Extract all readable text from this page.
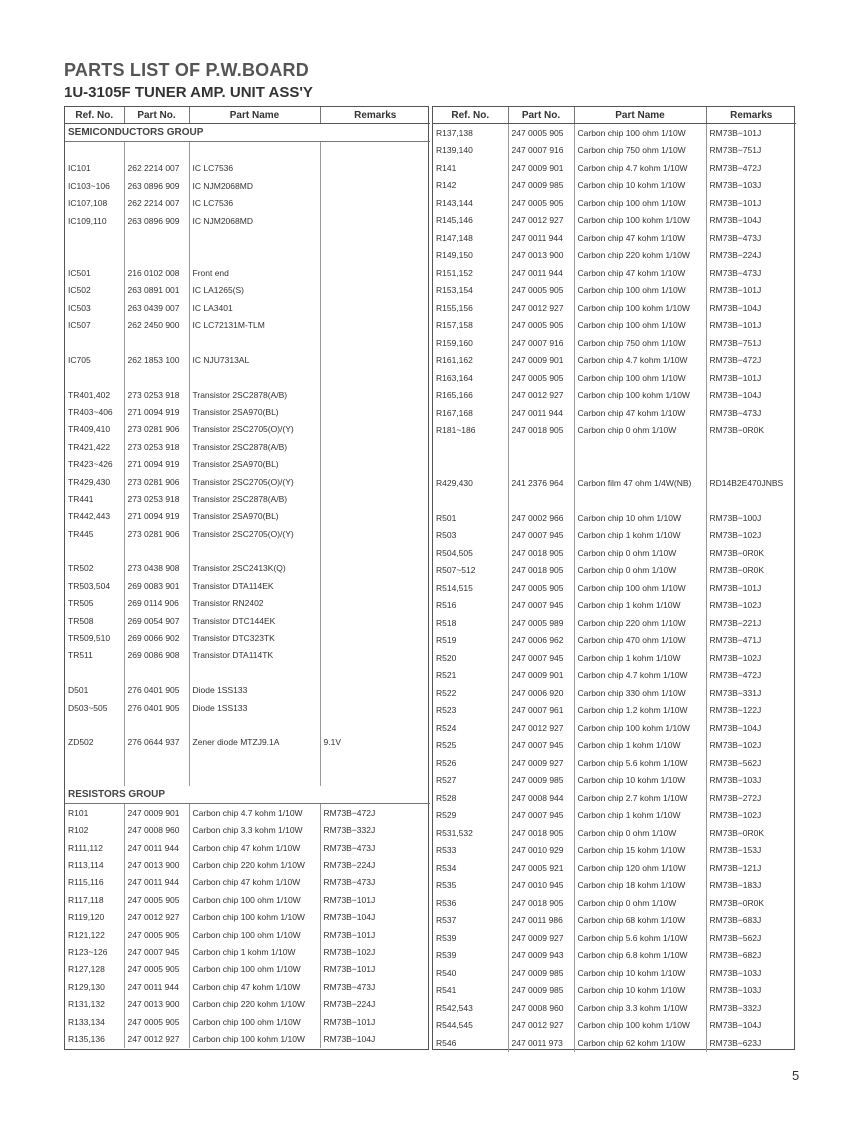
PARTS LIST OF P.W.BOARD
1U-3105F TUNER AMP. UNIT ASS'Y
Ref. No.	Part No.	Part Name	Remarks
SEMICONDUCTORS GROUP			

IC101	262 2214 007	IC LC7536	
IC103~106	263 0896 909	IC NJM2068MD	
IC107,108	262 2214 007	IC LC7536	
IC109,110	263 0896 909	IC NJM2068MD	

IC501	216 0102 008	Front end	
IC502	263 0891 001	IC LA1265(S)	
IC503	263 0439 007	IC LA3401	
IC507	262 2450 900	IC LC72131M-TLM	

IC705	262 1853 100	IC NJU7313AL	

TR401,402	273 0253 918	Transistor 2SC2878(A/B)	
TR403~406	271 0094 919	Transistor 2SA970(BL)	
TR409,410	273 0281 906	Transistor 2SC2705(O)/(Y)	
TR421,422	273 0253 918	Transistor 2SC2878(A/B)	
TR423~426	271 0094 919	Transistor 2SA970(BL)	
TR429,430	273 0281 906	Transistor 2SC2705(O)/(Y)	
TR441	273 0253 918	Transistor 2SC2878(A/B)	
TR442,443	271 0094 919	Transistor 2SA970(BL)	
TR445	273 0281 906	Transistor 2SC2705(O)/(Y)	

TR502	273 0438 908	Transistor 2SC2413K(Q)	
TR503,504	269 0083 901	Transistor DTA114EK	
TR505	269 0114 906	Transistor RN2402	
TR508	269 0054 907	Transistor DTC144EK	
TR509,510	269 0066 902	Transistor DTC323TK	
TR511	269 0086 908	Transistor DTA114TK	

D501	276 0401 905	Diode 1SS133	
D503~505	276 0401 905	Diode 1SS133	

ZD502	276 0644 937	Zener diode MTZJ9.1A	9.1V

RESISTORS GROUP			
R101	247 0009 901	Carbon chip 4.7 kohm 1/10W	RM73B−472J
R102	247 0008 960	Carbon chip 3.3 kohm 1/10W	RM73B−332J
R111,112	247 0011 944	Carbon chip 47 kohm 1/10W	RM73B−473J
R113,114	247 0013 900	Carbon chip 220 kohm 1/10W	RM73B−224J
R115,116	247 0011 944	Carbon chip 47 kohm 1/10W	RM73B−473J
R117,118	247 0005 905	Carbon chip 100 ohm 1/10W	RM73B−101J
R119,120	247 0012 927	Carbon chip 100 kohm 1/10W	RM73B−104J
R121,122	247 0005 905	Carbon chip 100 ohm 1/10W	RM73B−101J
R123~126	247 0007 945	Carbon chip 1 kohm 1/10W	RM73B−102J
R127,128	247 0005 905	Carbon chip 100 ohm 1/10W	RM73B−101J
R129,130	247 0011 944	Carbon chip 47 kohm 1/10W	RM73B−473J
R131,132	247 0013 900	Carbon chip 220 kohm 1/10W	RM73B−224J
R133,134	247 0005 905	Carbon chip 100 ohm 1/10W	RM73B−101J
R135,136	247 0012 927	Carbon chip 100 kohm 1/10W	RM73B−104J
Ref. No.	Part No.	Part Name	Remarks
R137,138	247 0005 905	Carbon chip 100 ohm 1/10W	RM73B−101J
R139,140	247 0007 916	Carbon chip 750 ohm 1/10W	RM73B−751J
R141	247 0009 901	Carbon chip 4.7 kohm 1/10W	RM73B−472J
R142	247 0009 985	Carbon chip 10 kohm 1/10W	RM73B−103J
R143,144	247 0005 905	Carbon chip 100 ohm 1/10W	RM73B−101J
R145,146	247 0012 927	Carbon chip 100 kohm 1/10W	RM73B−104J
R147,148	247 0011 944	Carbon chip 47 kohm 1/10W	RM73B−473J
R149,150	247 0013 900	Carbon chip 220 kohm 1/10W	RM73B−224J
R151,152	247 0011 944	Carbon chip 47 kohm 1/10W	RM73B−473J
R153,154	247 0005 905	Carbon chip 100 ohm 1/10W	RM73B−101J
R155,156	247 0012 927	Carbon chip 100 kohm 1/10W	RM73B−104J
R157,158	247 0005 905	Carbon chip 100 ohm 1/10W	RM73B−101J
R159,160	247 0007 916	Carbon chip 750 ohm 1/10W	RM73B−751J
R161,162	247 0009 901	Carbon chip 4.7 kohm 1/10W	RM73B−472J
R163,164	247 0005 905	Carbon chip 100 ohm 1/10W	RM73B−101J
R165,166	247 0012 927	Carbon chip 100 kohm 1/10W	RM73B−104J
R167,168	247 0011 944	Carbon chip 47 kohm 1/10W	RM73B−473J
R181~186	247 0018 905	Carbon chip 0 ohm 1/10W	RM73B−0R0K

R429,430	241 2376 964	Carbon film 47 ohm 1/4W(NB)	RD14B2E470JNBS

R501	247 0002 966	Carbon chip 10 ohm 1/10W	RM73B−100J
R503	247 0007 945	Carbon chip 1 kohm 1/10W	RM73B−102J
R504,505	247 0018 905	Carbon chip 0 ohm 1/10W	RM73B−0R0K
R507~512	247 0018 905	Carbon chip 0 ohm 1/10W	RM73B−0R0K
R514,515	247 0005 905	Carbon chip 100 ohm 1/10W	RM73B−101J
R516	247 0007 945	Carbon chip 1 kohm 1/10W	RM73B−102J
R518	247 0005 989	Carbon chip 220 ohm 1/10W	RM73B−221J
R519	247 0006 962	Carbon chip 470 ohm 1/10W	RM73B−471J
R520	247 0007 945	Carbon chip 1 kohm 1/10W	RM73B−102J
R521	247 0009 901	Carbon chip 4.7 kohm 1/10W	RM73B−472J
R522	247 0006 920	Carbon chip 330 ohm 1/10W	RM73B−331J
R523	247 0007 961	Carbon chip 1.2 kohm 1/10W	RM73B−122J
R524	247 0012 927	Carbon chip 100 kohm 1/10W	RM73B−104J
R525	247 0007 945	Carbon chip 1 kohm 1/10W	RM73B−102J
R526	247 0009 927	Carbon chip 5.6 kohm 1/10W	RM73B−562J
R527	247 0009 985	Carbon chip 10 kohm 1/10W	RM73B−103J
R528	247 0008 944	Carbon chip 2.7 kohm 1/10W	RM73B−272J
R529	247 0007 945	Carbon chip 1 kohm 1/10W	RM73B−102J
R531,532	247 0018 905	Carbon chip 0 ohm 1/10W	RM73B−0R0K
R533	247 0010 929	Carbon chip 15 kohm 1/10W	RM73B−153J
R534	247 0005 921	Carbon chip 120 ohm 1/10W	RM73B−121J
R535	247 0010 945	Carbon chip 18 kohm 1/10W	RM73B−183J
R536	247 0018 905	Carbon chip 0 ohm 1/10W	RM73B−0R0K
R537	247 0011 986	Carbon chip 68 kohm 1/10W	RM73B−683J
R539	247 0009 927	Carbon chip 5.6 kohm 1/10W	RM73B−562J
R539	247 0009 943	Carbon chip 6.8 kohm 1/10W	RM73B−682J
R540	247 0009 985	Carbon chip 10 kohm 1/10W	RM73B−103J
R541	247 0009 985	Carbon chip 10 kohm 1/10W	RM73B−103J
R542,543	247 0008 960	Carbon chip 3.3 kohm 1/10W	RM73B−332J
R544,545	247 0012 927	Carbon chip 100 kohm 1/10W	RM73B−104J
R546	247 0011 973	Carbon chip 62 kohm 1/10W	RM73B−623J
5
